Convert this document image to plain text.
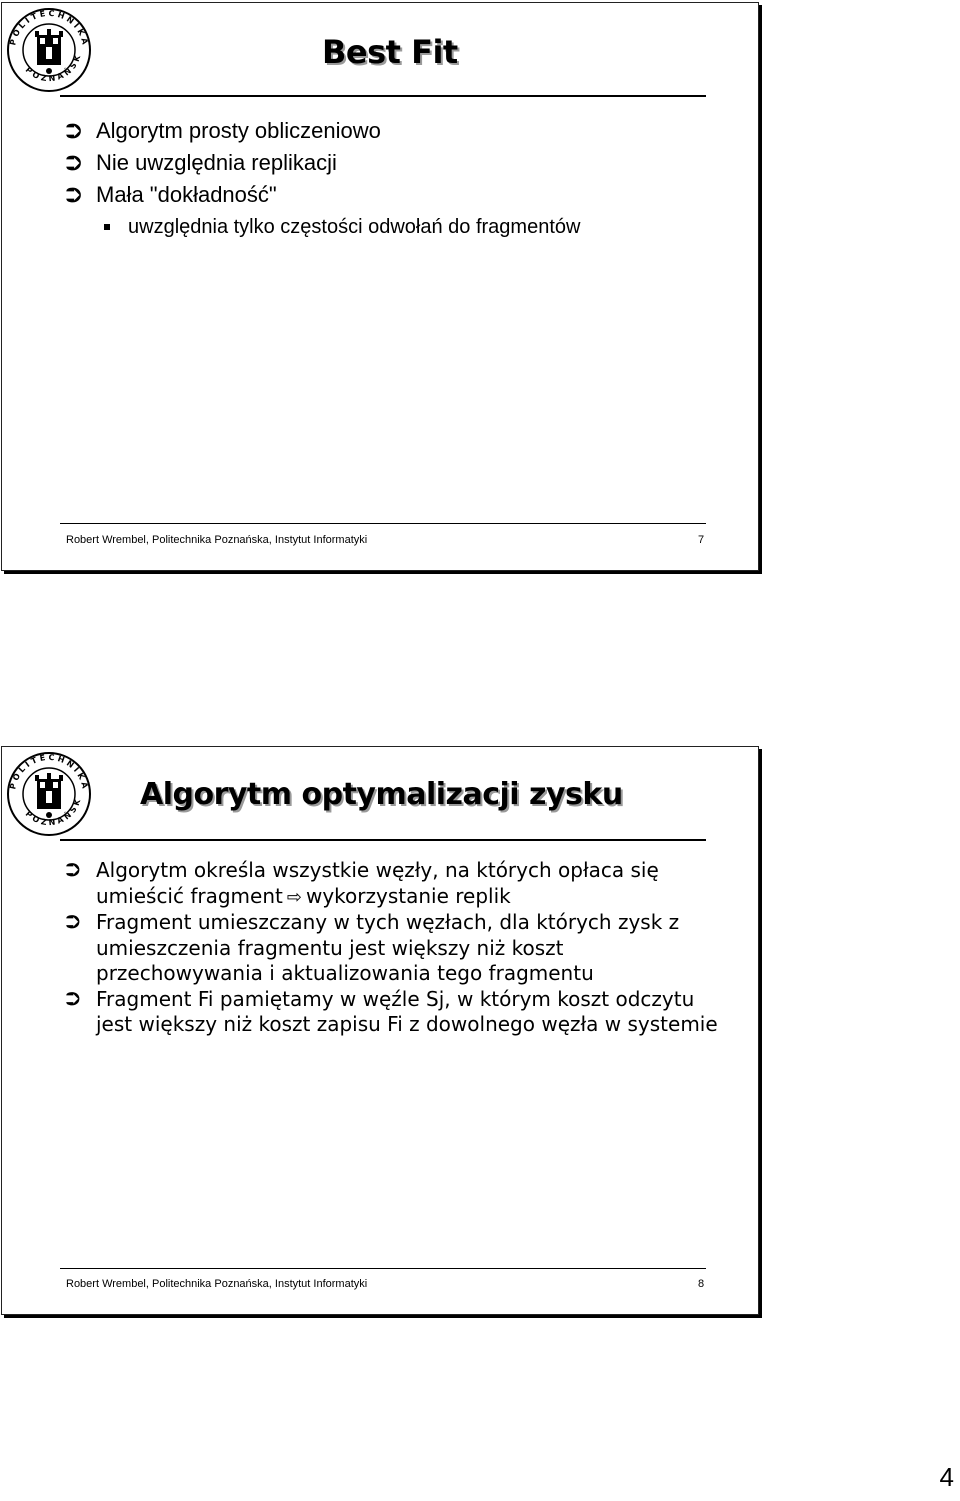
Best Fit
⮊ Algorytm prosty obliczeniowo
⮊ Nie uwzględnia replikacji
⮊ Mała "dokładność"
uwzględnia tylko częstości odwołań do fragmentów
Robert Wrembel, Politechnika Poznańska, Instytut Informatyki	7
Algorytm optymalizacji zysku
⮊ Algorytm określa wszystkie węzły, na których opłaca się
umieścić fragment ⇨ wykorzystanie replik
⮊ Fragment umieszczany w tych węzłach, dla których zysk z umieszczenia fragmentu jest większy niż koszt przechowywania i aktualizowania tego fragmentu
⮊ Fragment Fi pamiętamy w węźle Sj, w którym koszt odczytu jest większy niż koszt zapisu Fi z dowolnego węzła w systemie
Robert Wrembel, Politechnika Poznańska, Instytut Informatyki	8
4
